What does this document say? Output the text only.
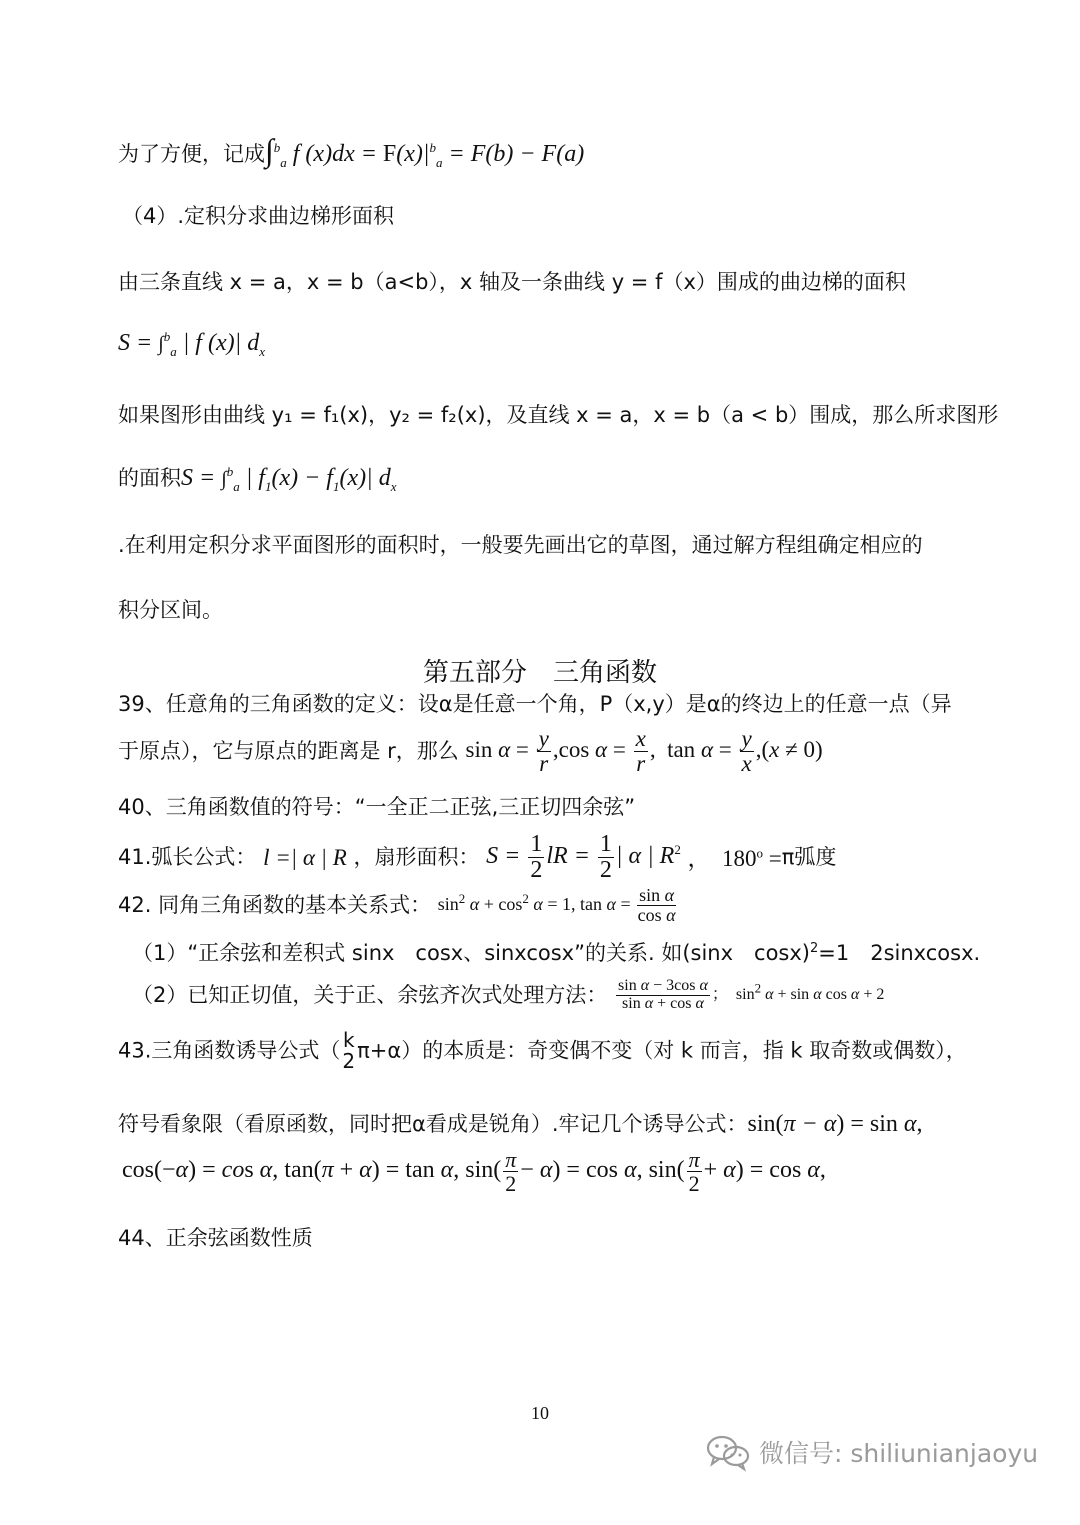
为了方便，记成∫$^b_a$ f $(x)dx = F(x)|^b_a = F(b) - F(a)$
（4）.定积分求曲边梯形面积
由三条直线 x = a，x = b（a<b），x 轴及一条曲线 y = f（x）围成的曲边梯的面积
S = ∫$^b_a$ | f (x)| $d_x$
如果图形由曲线 y₁ = f₁(x)，y₂ = f₂(x)，及直线 x = a，x = b（a < b）围成，那么所求图形
的面积S = ∫$^b_a$ | $f_1(x) - f_1(x)|$ $d_x$
.在利用定积分求平面图形的面积时，一般要先画出它的草图，通过解方程组确定相应的
积分区间。
第五部分　三角函数
39、任意角的三角函数的定义：设α是任意一个角，P（x,y）是α的终边上的任意一点（异
于原点），它与原点的距离是 r，那么 $\sin \alpha = \frac{y}{r} ,\cos$ $\alpha = \frac{x}{r}$ ,  $\tan \alpha = \frac{y}{x} ,(x \ne 0)$
40、三角函数值的符号：“一全正二正弦,三正切四余弦”
41.弧长公式： l =| α | R ，扇形面积： $S = \frac{1}{2}$ lR = $\frac{1}{2}$ | α | $R^2$ ，  $180^o =\pi$弧度
42. 同角三角函数的基本关系式： $\sin^2 \alpha + \cos^2 \alpha = 1$, $\tan \alpha = \frac{\text{sin α}}{\text{cos α}}$
（1）“正余弦和差积式 sinx　cosx、sinxcosx”的关系. 如(sinx　cosx)$^2$=1　2sinxcosx.
（2）已知正切值，关于正、余弦齐次式处理方法： $\frac{\text{sin α − 3cos α}}{\text{sin α + cos α}}$ ；  $\sin^2 \alpha + \sin \alpha$ cos α + 2
43.三角函数诱导公式（ k
2 π+α）的本质是：奇变偶不变（对 k 而言，指 k 取奇数或偶数），
符号看象限（看原函数，同时把α看成是锐角）.牢记几个诱导公式：sin(π − α) = sin α,
cos(−α) = cos α, tan(π + α) = tan α, $\sin( \frac{\pi}{2} - \alpha) = \cos \alpha$, $\sin( \frac{\pi}{2} + \alpha) = \cos \alpha$,
44、正余弦函数性质
10
微信号: shiliunianjaoyu
